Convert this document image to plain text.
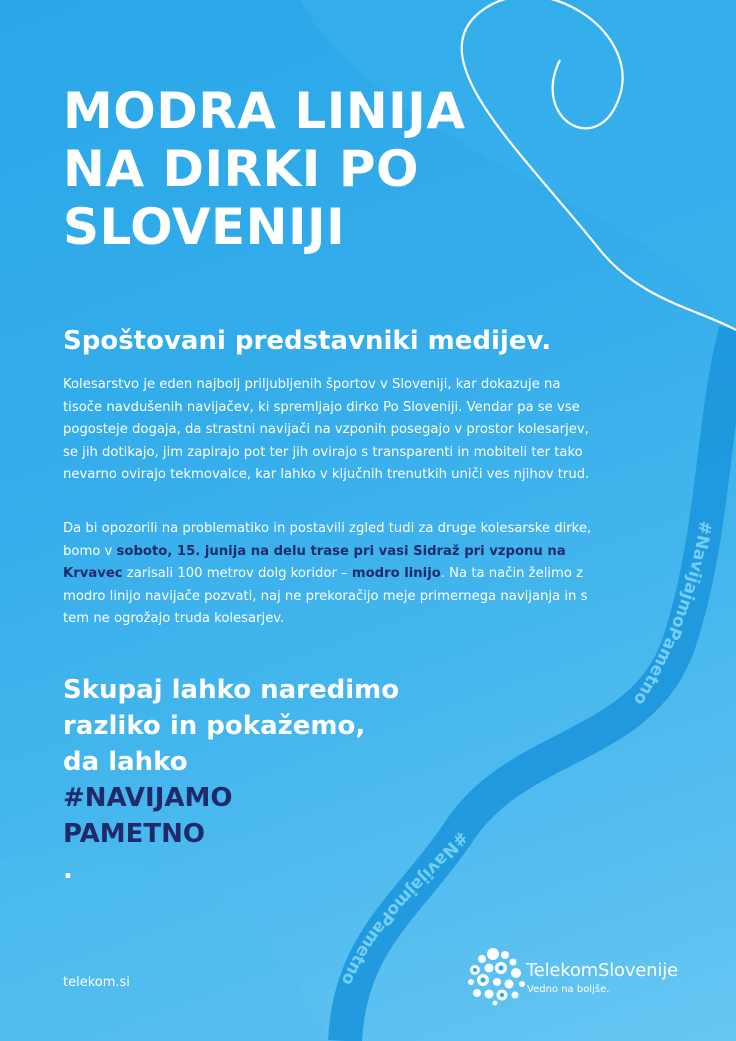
#NavijajmoPametno
#NavijajmoPametno
MODRA LINIJA
NA DIRKI PO
SLOVENIJI
Spoštovani predstavniki medijev.

Kolesarstvo je eden najbolj priljubljenih športov v Sloveniji, kar dokazuje na tisoče navdušenih navijačev, ki spremljajo dirko Po Sloveniji. Vendar pa se vse pogosteje dogaja, da strastni navijači na vzponih posegajo v prostor kolesarjev, se jih dotikajo, jim zapirajo pot ter jih ovirajo s transparenti in mobiteli ter tako nevarno ovirajo tekmovalce, kar lahko v ključnih trenutkih uniči ves njihov trud.

Da bi opozorili na problematiko in postavili zgled tudi za druge kolesarske dirke, bomo v soboto, 15. junija na delu trase pri vasi Sidraž pri vzponu na Krvavec zarisali 100 metrov dolg koridor – modro linijo. Na ta način želimo z modro linijo navijače pozvati, naj ne prekoračijo meje primernega navijanja in s tem ne ogrožajo truda kolesarjev.

Skupaj lahko naredimo
razliko in pokažemo,
da lahko
#NAVIJAMO
PAMETNO
.
telekom.si
TelekomSlovenije
Vedno na boljše.
